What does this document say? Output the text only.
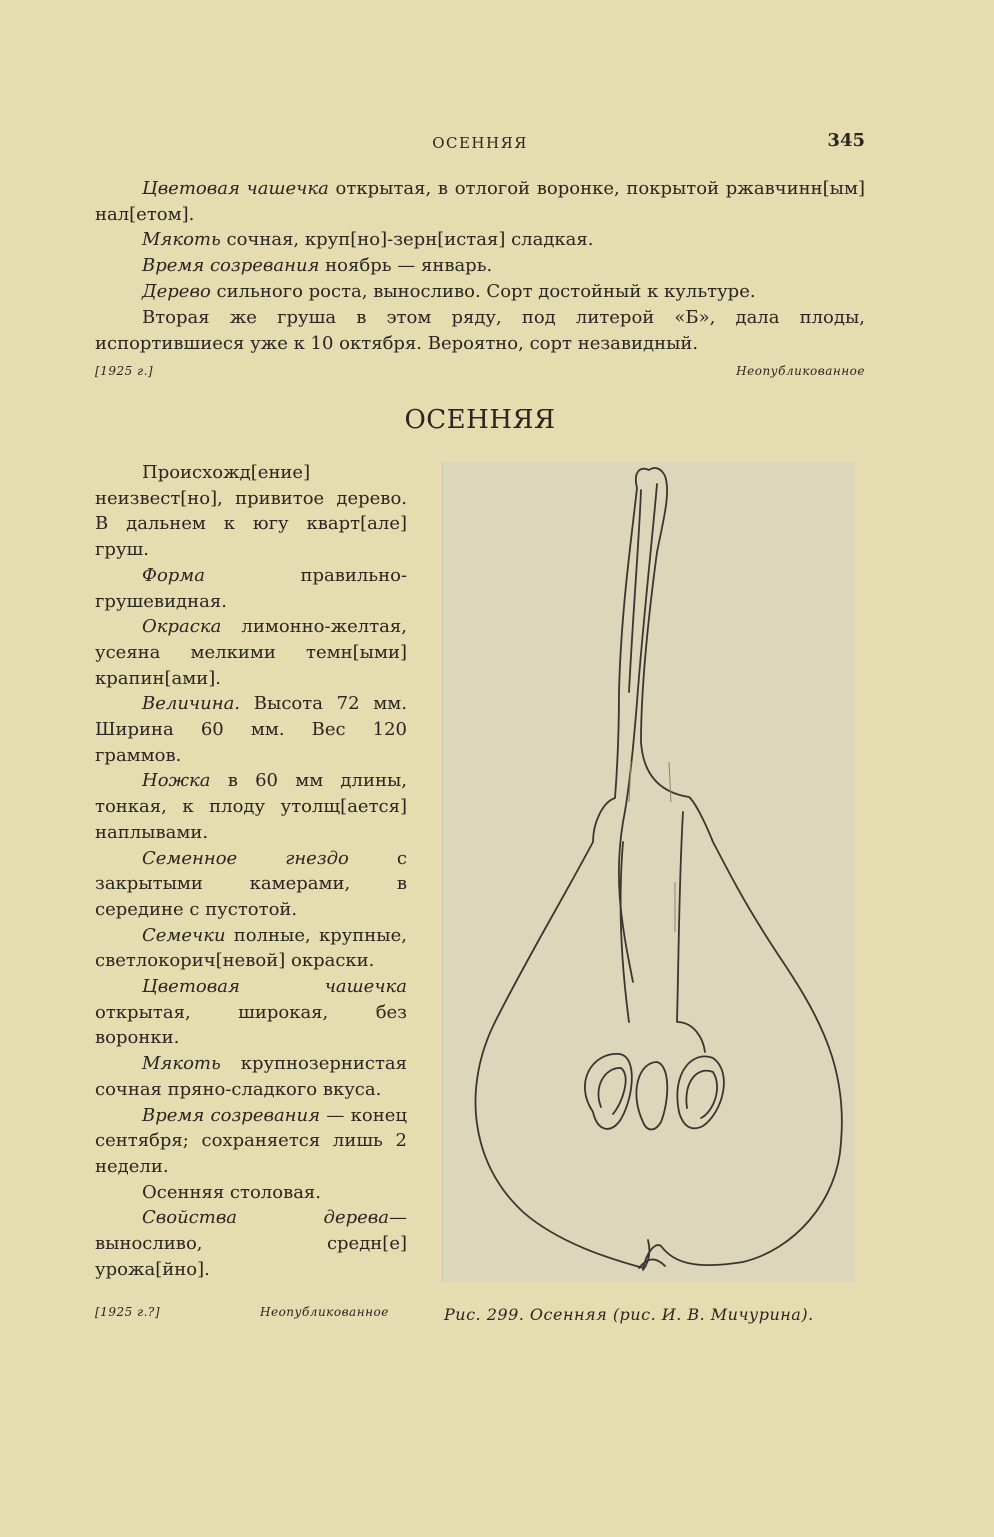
ОСЕННЯЯ	345

Цветовая чашечка открытая, в отлогой воронке, покрытой ржавчинн[ым] нал[етом].

Мякоть сочная, круп[но]-зерн[истая] сладкая.

Время созревания ноябрь — январь.

Дерево сильного роста, выносливо. Сорт достойный к культуре.

Вторая же груша в этом ряду, под литерой «Б», дала плоды, испортившиеся уже к 10 октября. Вероятно, сорт незавидный.

[1925 г.]	Неопубликованное
ОСЕННЯЯ

Происхожд[ение] неизвест[но], привитое дерево. В дальнем к югу кварт[але] груш.

Форма правильно-грушевидная.

Окраска лимонно-желтая, усеяна мелкими темн[ыми] крапин[ами].

Величина. Высота 72 мм. Ширина 60 мм. Вес 120 граммов.

Ножка в 60 мм длины, тонкая, к плоду утолщ[ается] наплывами.

Семенное гнездо с закрытыми камерами, в середине с пустотой.

Семечки полные, крупные, светлокорич[невой] окраски.

Цветовая чашечка открытая, широкая, без воронки.

Мякоть крупнозернистая сочная пряно-сладкого вкуса.

Время созревания — конец сентября; сохраняется лишь 2 недели.

Осенняя столовая.

Свойства дерева— выносливо, средн[е] урожа[йно].

[1925 г.?]	Неопубликованное	Рис. 299. Осенняя (рис. И. В. Мичурина).
